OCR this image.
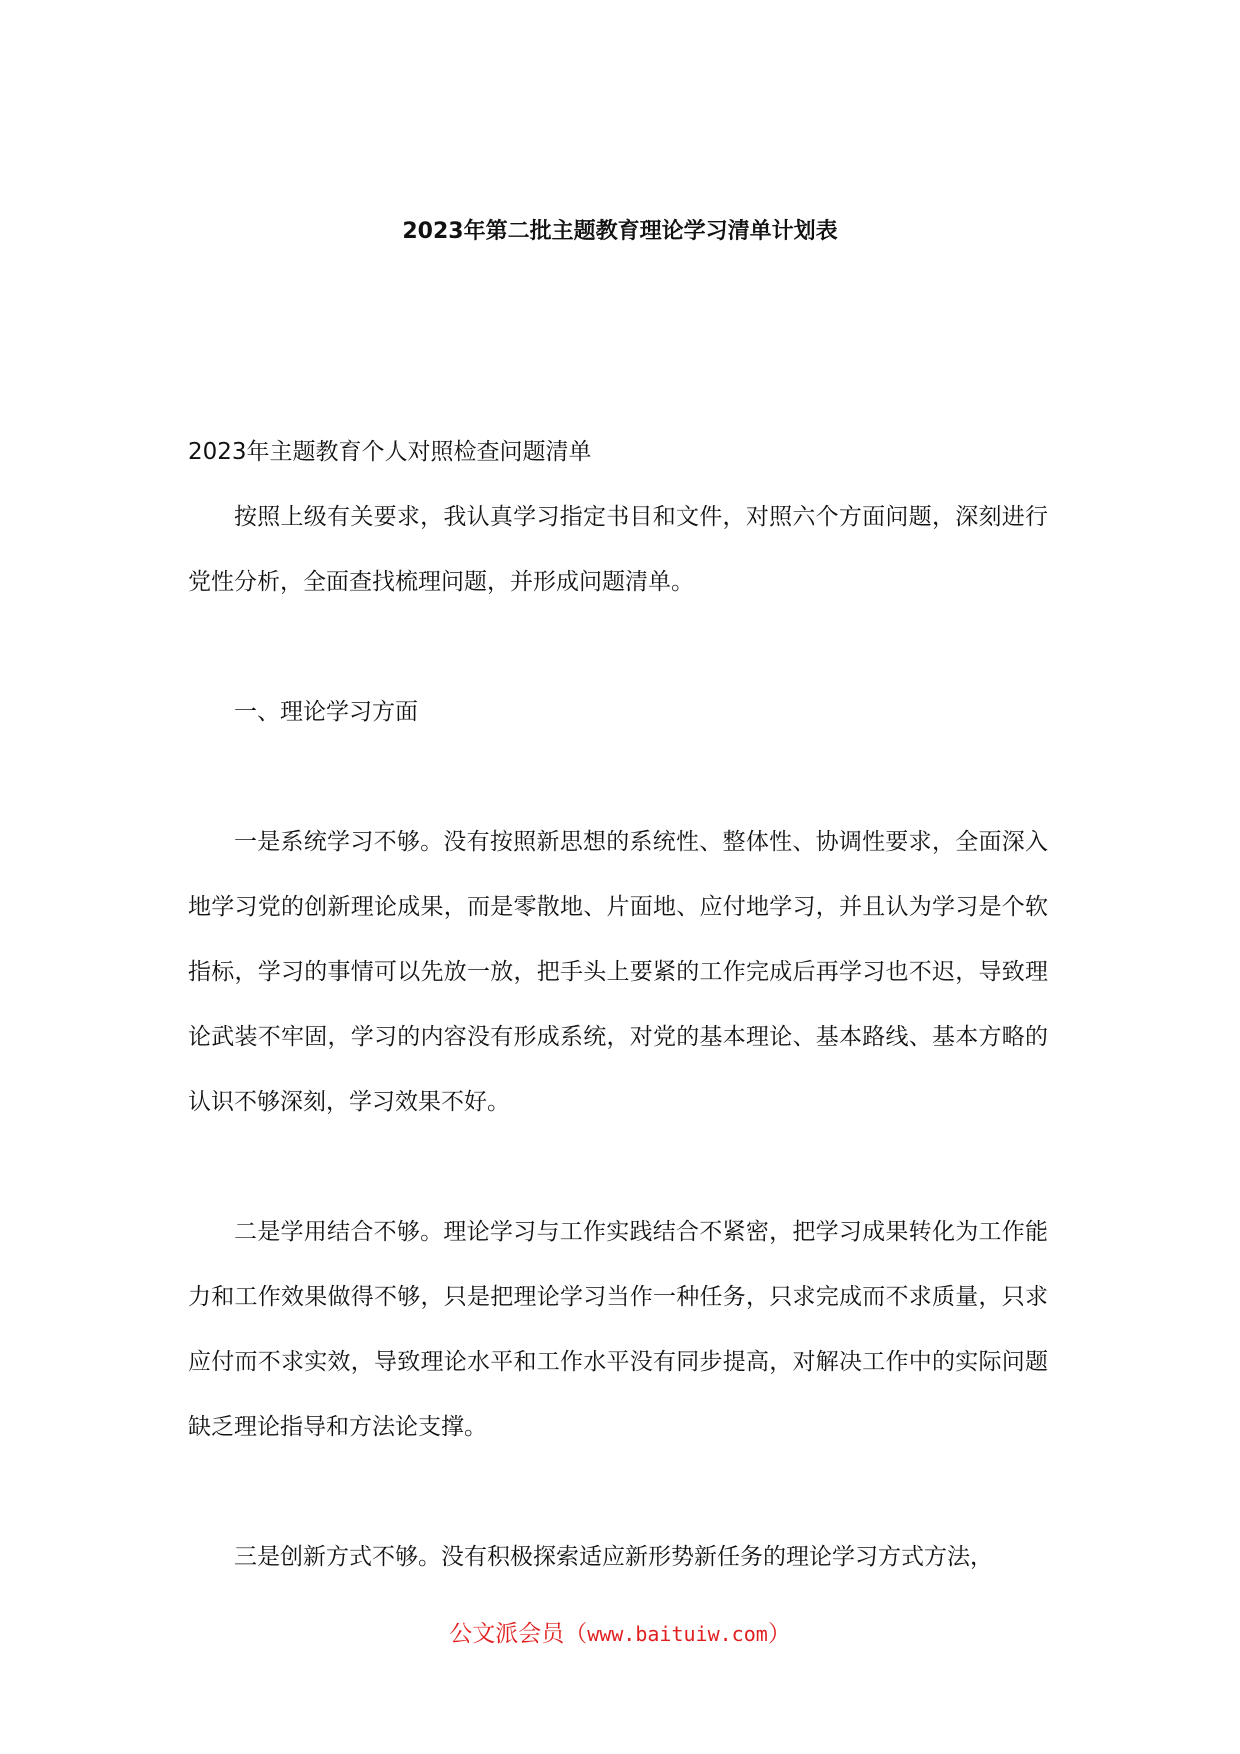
2023年第二批主题教育理论学习清单计划表

2023年主题教育个人对照检查问题清单

按照上级有关要求，我认真学习指定书目和文件，对照六个方面问题，深刻进行党性分析，全面查找梳理问题，并形成问题清单。

一、理论学习方面

一是系统学习不够。没有按照新思想的系统性、整体性、协调性要求，全面深入地学习党的创新理论成果，而是零散地、片面地、应付地学习，并且认为学习是个软指标，学习的事情可以先放一放，把手头上要紧的工作完成后再学习也不迟，导致理论武装不牢固，学习的内容没有形成系统，对党的基本理论、基本路线、基本方略的认识不够深刻，学习效果不好。

二是学用结合不够。理论学习与工作实践结合不紧密，把学习成果转化为工作能力和工作效果做得不够，只是把理论学习当作一种任务，只求完成而不求质量，只求应付而不求实效，导致理论水平和工作水平没有同步提高，对解决工作中的实际问题缺乏理论指导和方法论支撑。

三是创新方式不够。没有积极探索适应新形势新任务的理论学习方式方法，

公文派会员（www.baituiw.com）
